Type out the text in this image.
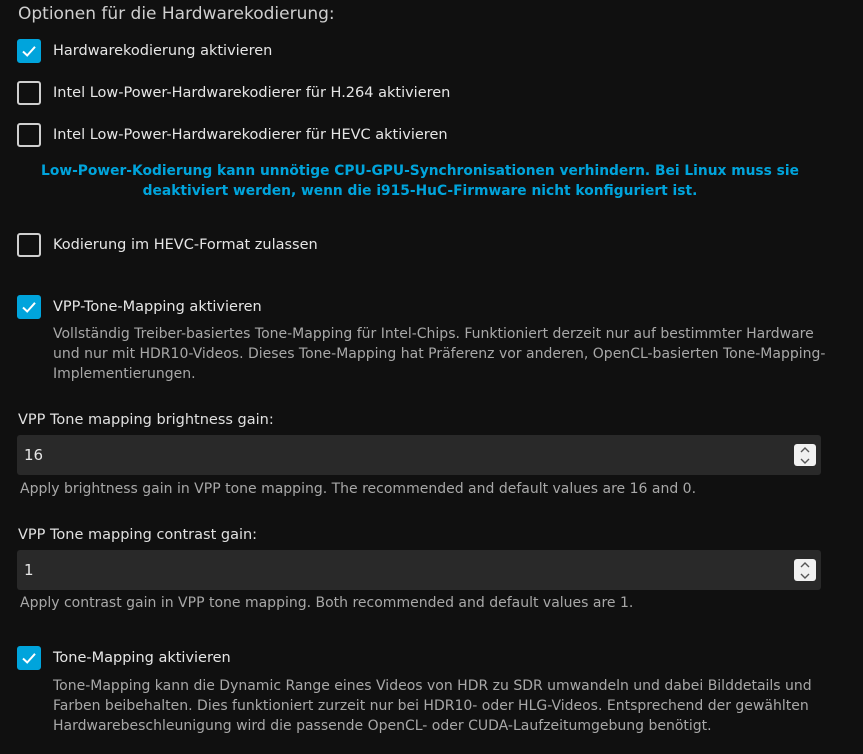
Optionen für die Hardwarekodierung:
Hardwarekodierung aktivieren
Intel Low-Power-Hardwarekodierer für H.264 aktivieren
Intel Low-Power-Hardwarekodierer für HEVC aktivieren
Low-Power-Kodierung kann unnötige CPU-GPU-Synchronisationen verhindern. Bei Linux muss sie deaktiviert werden, wenn die i915-HuC-Firmware nicht konfiguriert ist.
Kodierung im HEVC-Format zulassen
VPP-Tone-Mapping aktivieren
Vollständig Treiber-basiertes Tone-Mapping für Intel-Chips. Funktioniert derzeit nur auf bestimmter Hardware und nur mit HDR10-Videos. Dieses Tone-Mapping hat Präferenz vor anderen, OpenCL-basierten Tone-Mapping-Implementierungen.
VPP Tone mapping brightness gain:
16
Apply brightness gain in VPP tone mapping. The recommended and default values are 16 and 0.
VPP Tone mapping contrast gain:
1
Apply contrast gain in VPP tone mapping. Both recommended and default values are 1.
Tone-Mapping aktivieren
Tone-Mapping kann die Dynamic Range eines Videos von HDR zu SDR umwandeln und dabei Bilddetails und Farben beibehalten. Dies funktioniert zurzeit nur bei HDR10- oder HLG-Videos. Entsprechend der gewählten Hardwarebeschleunigung wird die passende OpenCL- oder CUDA-Laufzeitumgebung benötigt.
